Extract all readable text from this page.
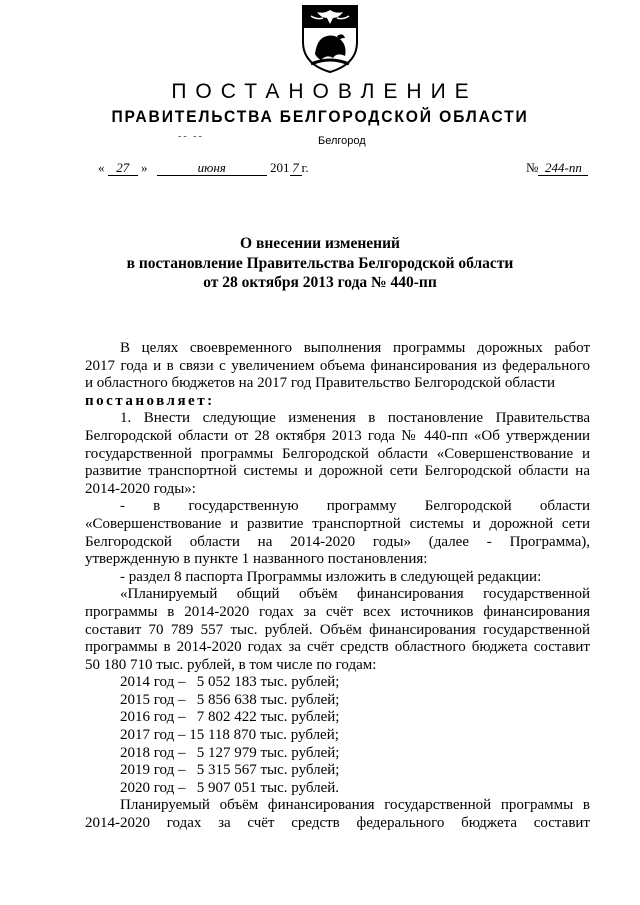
ПОСТАНОВЛЕНИЕ
ПРАВИТЕЛЬСТВА БЕЛГОРОДСКОЙ ОБЛАСТИ
-- --	Белгород
« 27 »	июня	201 7 г.	№ 244-пп
О внесении изменений
в постановление Правительства Белгородской области
от 28 октября 2013 года № 440-пп

В целях своевременного выполнения программы дорожных работ

2017 года и в связи с увеличением объема финансирования из федерального

и областного бюджетов на 2017 год Правительство Белгородской области

постановляет:

1. Внести следующие изменения в постановление Правительства

Белгородской области от 28 октября 2013 года № 440-пп «Об утверждении

государственной программы Белгородской области «Совершенствование и

развитие транспортной системы и дорожной сети Белгородской области на

2014-2020 годы»:

- в государственную программу Белгородской области

«Совершенствование и развитие транспортной системы и дорожной сети

Белгородской области на 2014-2020 годы» (далее - Программа),

утвержденную в пункте 1 названного постановления:

- раздел 8 паспорта Программы изложить в следующей редакции:

«Планируемый общий объём финансирования государственной

программы в 2014-2020 годах за счёт всех источников финансирования

составит 70 789 557 тыс. рублей. Объём финансирования государственной

программы в 2014-2020 годах за счёт средств областного бюджета составит

50 180 710 тыс. рублей, в том числе по годам:

2014 год –   5 052 183 тыс. рублей;

2015 год –   5 856 638 тыс. рублей;

2016 год –   7 802 422 тыс. рублей;

2017 год – 15 118 870 тыс. рублей;

2018 год –   5 127 979 тыс. рублей;

2019 год –   5 315 567 тыс. рублей;

2020 год –   5 907 051 тыс. рублей.

Планируемый объём финансирования государственной программы в

2014-2020 годах за счёт средств федерального бюджета составит
